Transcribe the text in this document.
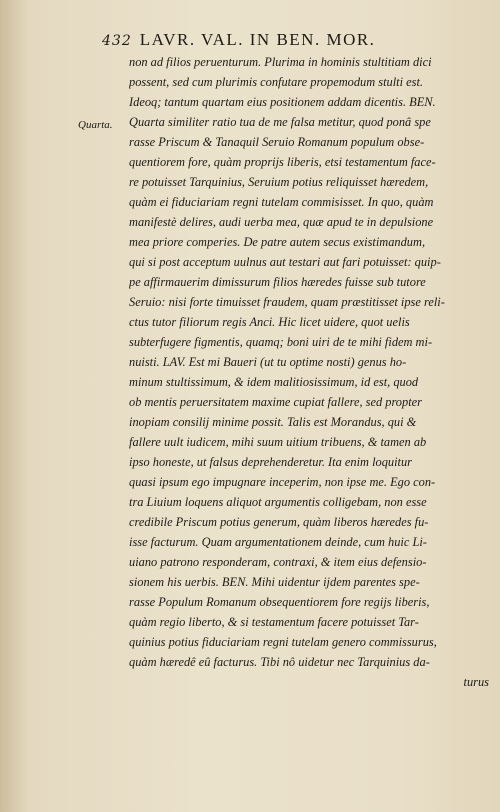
432 LAVR. VAL. IN BEN. MOR.
Quarta.
non ad filios peruenturum. Plurima in hominis stultitiam dici
possent, sed cum plurimis confutare propemodum stulti est.
Ideoq; tantum quartam eius positionem addam dicentis. BEN.
Quarta similiter ratio tua de me falsa metitur, quod ponâ spe
rasse Priscum & Tanaquil Seruio Romanum populum obse-
quentiorem fore, quàm proprijs liberis, etsi testamentum face-
re potuisset Tarquinius, Seruium potius reliquisset hæredem,
quàm ei fiduciariam regni tutelam commisisset. In quo, quàm
manifestè delires, audi uerba mea, quæ apud te in depulsione
mea priore comperies. De patre autem secus existimandum,
qui si post acceptum uulnus aut testari aut fari potuisset: quip-
pe affirmauerim dimissurum filios hæredes fuisse sub tutore
Seruio: nisi forte timuisset fraudem, quam præstitisset ipse reli-
ctus tutor filiorum regis Anci. Hic licet uidere, quot uelis
subterfugere figmentis, quamq; boni uiri de te mihi fidem mi-
nuisti. LAV. Est mi Baueri (ut tu optime nosti) genus ho-
minum stultissimum, & idem malitiosissimum, id est, quod
ob mentis peruersitatem maxime cupiat fallere, sed propter
inopiam consilij minime possit. Talis est Morandus, qui &
fallere uult iudicem, mihi suum uitium tribuens, & tamen ab
ipso honeste, ut falsus deprehenderetur. Ita enim loquitur
quasi ipsum ego impugnare inceperim, non ipse me. Ego con-
tra Liuium loquens aliquot argumentis colligebam, non esse
credibile Priscum potius generum, quàm liberos hæredes fu-
isse facturum. Quam argumentationem deinde, cum huic Li-
uiano patrono responderam, contraxi, & item eius defensio-
sionem his uerbis. BEN. Mihi uidentur ijdem parentes spe-
rasse Populum Romanum obsequentiorem fore regijs liberis,
quàm regio liberto, & si testamentum facere potuisset Tar-
quinius potius fiduciariam regni tutelam genero commissurus,
quàm hæredê eû facturus. Tibi nô uidetur nec Tarquinius da-
turus
